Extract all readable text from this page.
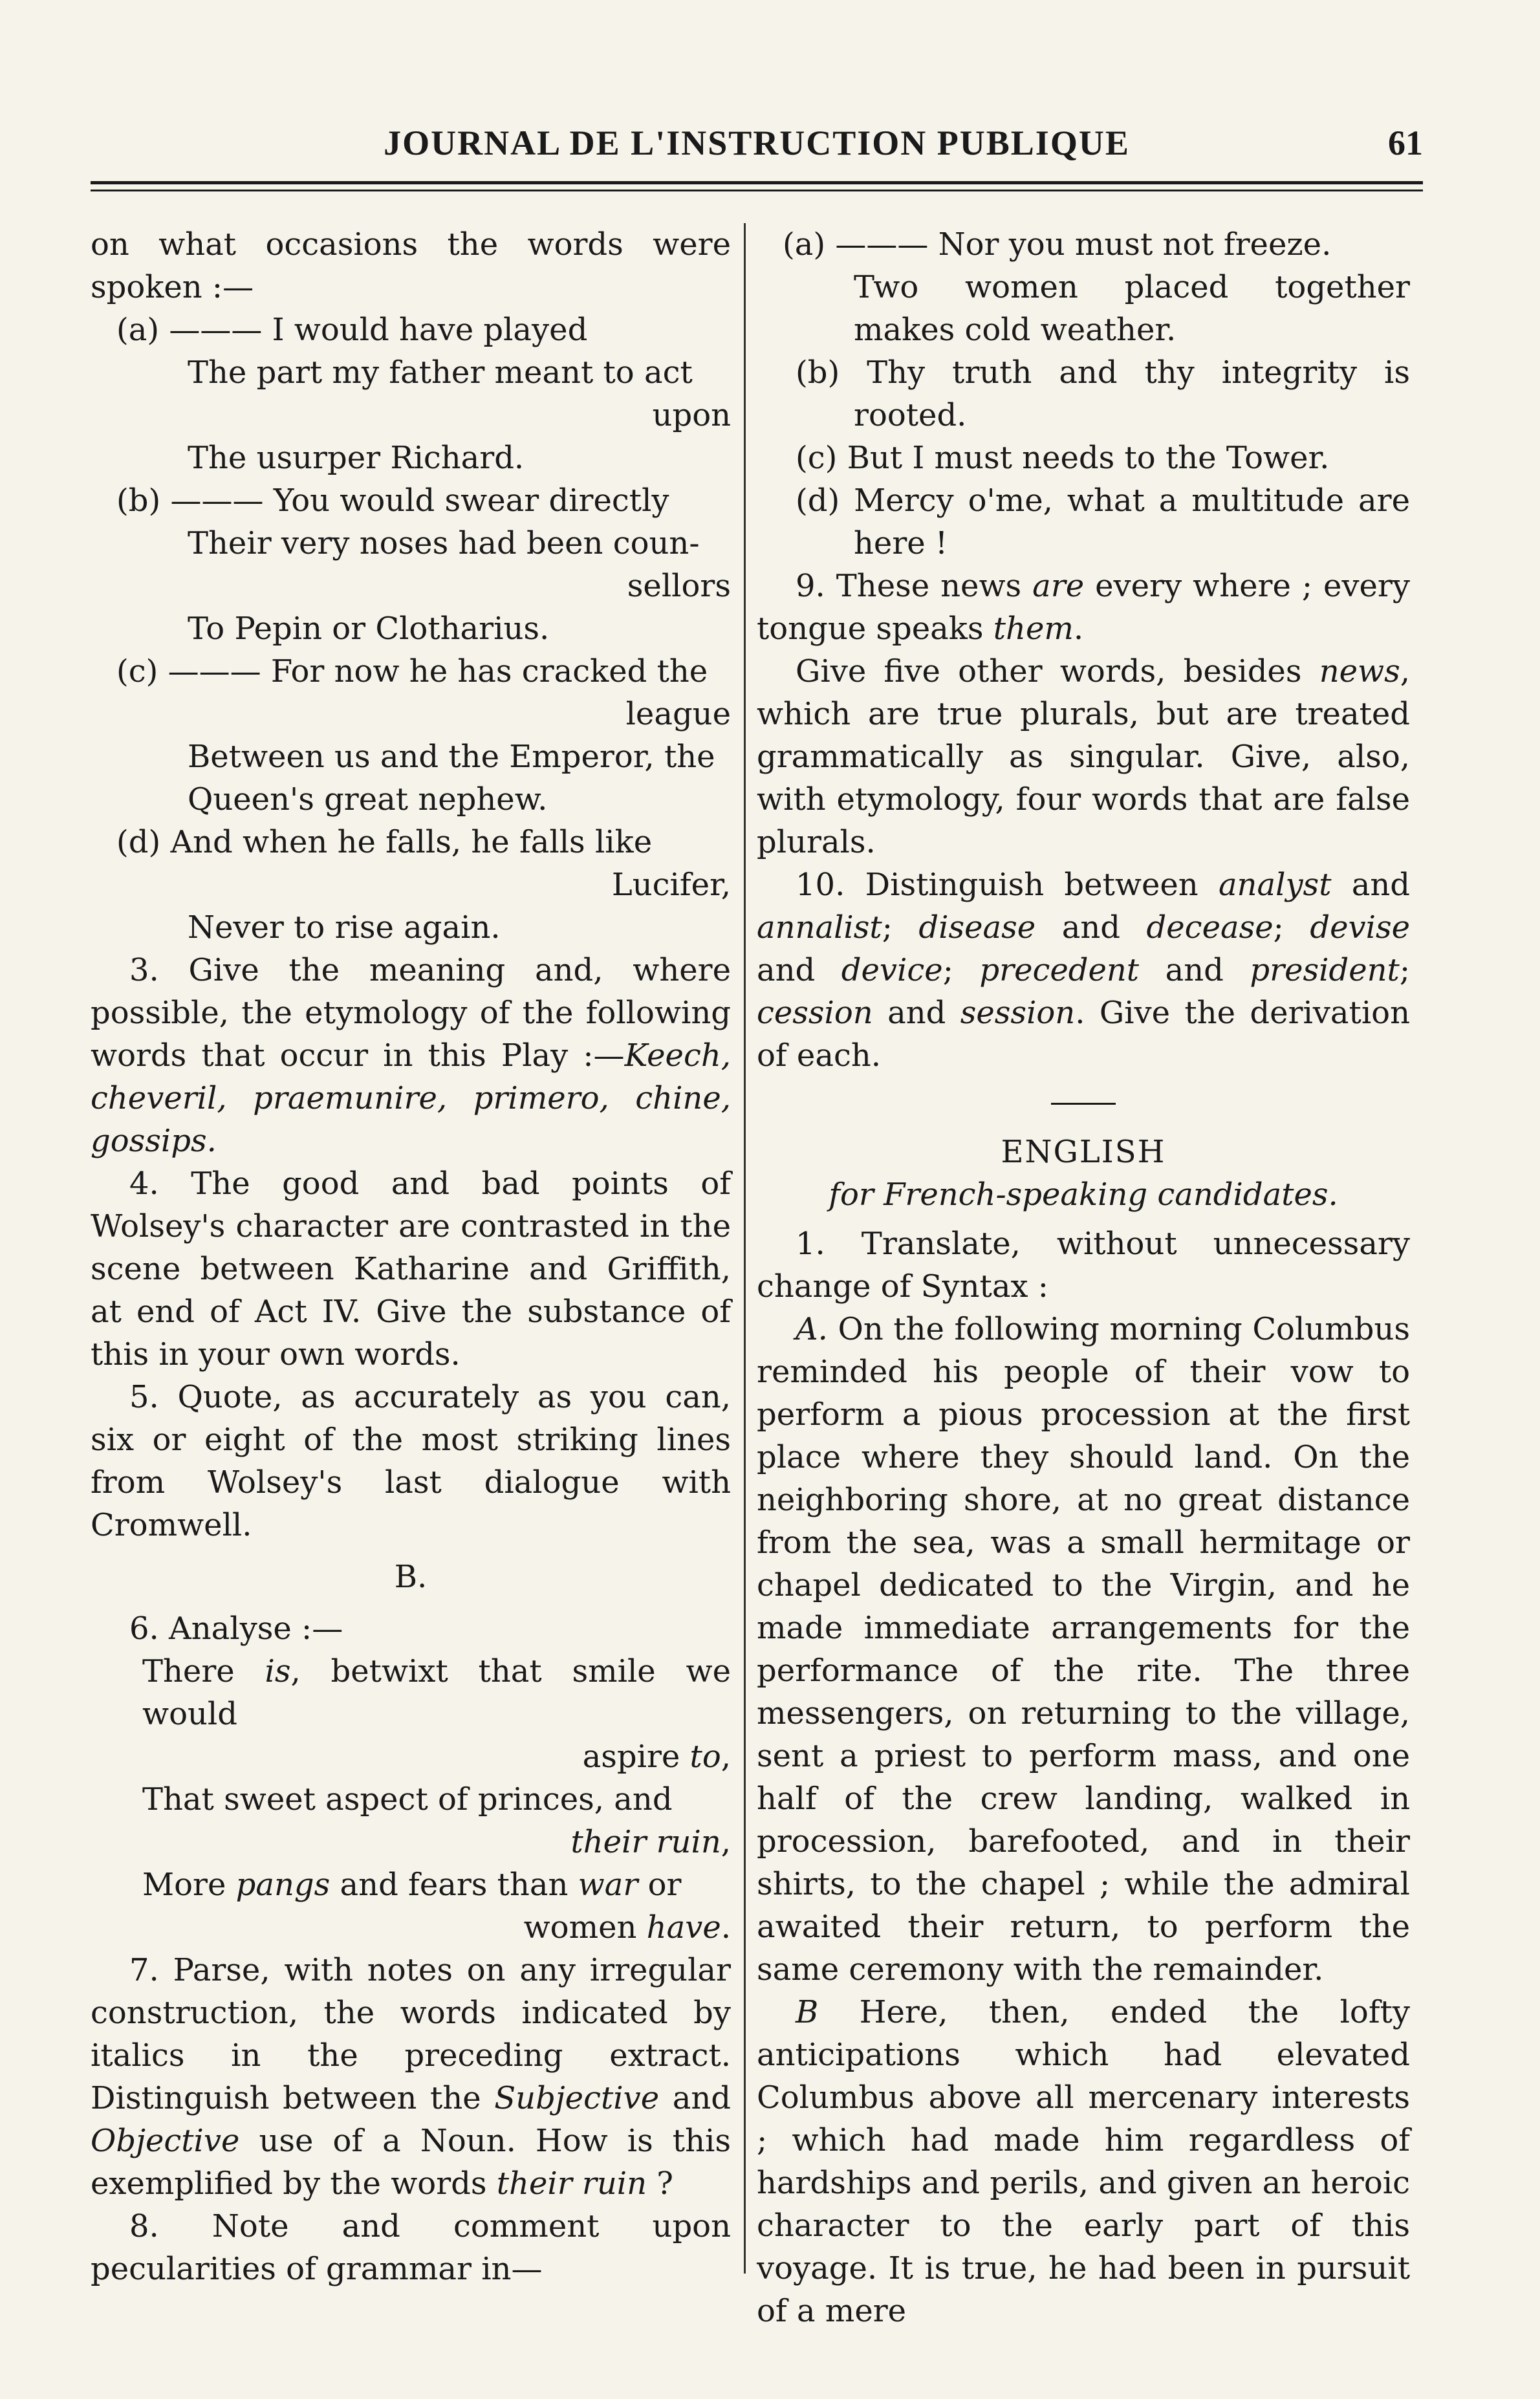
JOURNAL DE L'INSTRUCTION PUBLIQUE	61

on what occasions the words were spoken :—

(a) ——— I would have played

The part my father meant to act

upon

The usurper Richard.

(b) ——— You would swear directly

Their very noses had been coun-

sellors

To Pepin or Clotharius.

(c) ——— For now he has cracked the

league

Between us and the Emperor, the

Queen's great nephew.

(d) And when he falls, he falls like

Lucifer,

Never to rise again.

3. Give the meaning and, where possible, the etymology of the following words that occur in this Play :—Keech, cheveril, praemunire, primero, chine, gossips.

4. The good and bad points of Wolsey's character are contrasted in the scene between Katharine and Griffith, at end of Act IV. Give the substance of this in your own words.

5. Quote, as accurately as you can, six or eight of the most striking lines from Wolsey's last dialogue with Cromwell.

B.

6. Analyse :—

There is, betwixt that smile we would

aspire to,

That sweet aspect of princes, and

their ruin,

More pangs and fears than war or

women have.

7. Parse, with notes on any irregular construction, the words indicated by italics in the preceding extract. Distinguish between the Subjective and Objective use of a Noun. How is this exemplified by the words their ruin ?

8. Note and comment upon pecularities of grammar in—

(a) ——— Nor you must not freeze.

Two women placed together makes cold weather.

(b) Thy truth and thy integrity is rooted.

(c) But I must needs to the Tower.

(d) Mercy o'me, what a multitude are here !

9. These news are every where ; every tongue speaks them.

Give five other words, besides news, which are true plurals, but are treated grammatically as singular. Give, also, with etymology, four words that are false plurals.

10. Distinguish between analyst and annalist; disease and decease; devise and device; precedent and president; cession and session. Give the derivation of each.

ENGLISH

for French-speaking candidates.

1. Translate, without unnecessary change of Syntax :

A. On the following morning Columbus reminded his people of their vow to perform a pious procession at the first place where they should land. On the neighboring shore, at no great distance from the sea, was a small hermitage or chapel dedicated to the Virgin, and he made immediate arrangements for the performance of the rite. The three messengers, on returning to the village, sent a priest to perform mass, and one half of the crew landing, walked in procession, barefooted, and in their shirts, to the chapel ; while the admiral awaited their return, to perform the same ceremony with the remainder.

B Here, then, ended the lofty anticipations which had elevated Columbus above all mercenary interests ; which had made him regardless of hardships and perils, and given an heroic character to the early part of this voyage. It is true, he had been in pursuit of a mere
